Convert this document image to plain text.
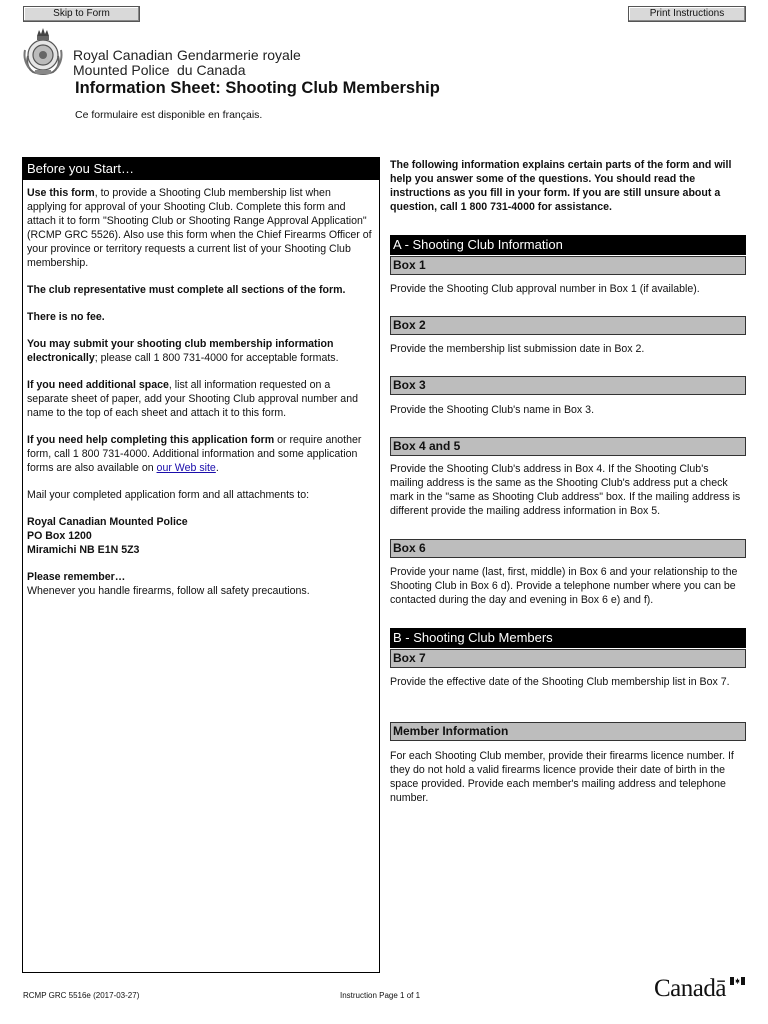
Skip to Form	Print Instructions
Royal Canadian
Mounted Police
Gendarmerie royale
du Canada
Information Sheet: Shooting Club Membership
Ce formulaire est disponible en français.
Before you Start…

Use this form, to provide a Shooting Club membership list when applying for approval of your Shooting Club. Complete this form and attach it to form "Shooting Club or Shooting Range Approval Application" (RCMP GRC 5526). Also use this form when the Chief Firearms Officer of your province or territory requests a current list of your Shooting Club membership.

The club representative must complete all sections of the form.

There is no fee.

You may submit your shooting club membership information electronically; please call 1 800 731-4000 for acceptable formats.

If you need additional space, list all information requested on a separate sheet of paper, add your Shooting Club approval number and name to the top of each sheet and attach it to this form.

If you need help completing this application form or require another form, call 1 800 731-4000. Additional information and some application forms are also available on our Web site.

Mail your completed application form and all attachments to:

Royal Canadian Mounted Police
PO Box 1200
Miramichi NB E1N 5Z3

Please remember…
Whenever you handle firearms, follow all safety precautions.

The following information explains certain parts of the form and will help you answer some of the questions. You should read the instructions as you fill in your form. If you are still unsure about a question, call 1 800 731-4000 for assistance.

A - Shooting Club Information
Box 1
Provide the Shooting Club approval number in Box 1 (if available).
Box 2
Provide the membership list submission date in Box 2.
Box 3
Provide the Shooting Club's name in Box 3.
Box 4 and 5
Provide the Shooting Club's address in Box 4. If the Shooting Club's mailing address is the same as the Shooting Club's address put a check mark in the "same as Shooting Club address" box. If the mailing address is different provide the mailing address information in Box 5.
Box 6
Provide your name (last, first, middle) in Box 6 and your relationship to the Shooting Club in Box 6 d). Provide a telephone number where you can be contacted during the day and evening in Box 6 e) and f).
B - Shooting Club Members
Box 7
Provide the effective date of the Shooting Club membership list in Box 7.
Member Information
For each Shooting Club member, provide their firearms licence number. If they do not hold a valid firearms licence provide their date of birth in the space provided. Provide each member's mailing address and telephone number.
RCMP GRC 5516e (2017-03-27)	Instruction Page 1 of 1	Canadā
